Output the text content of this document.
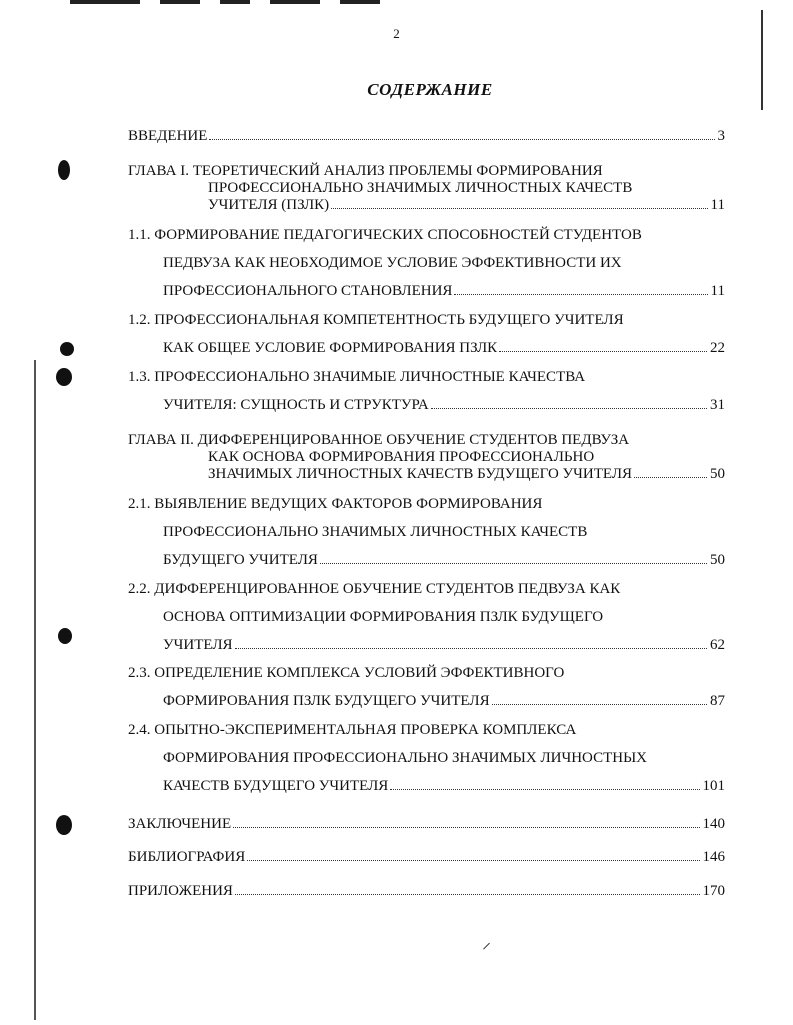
⸝
2
СОДЕРЖАНИЕ
ВВЕДЕНИЕ	3
ГЛАВА I. ТЕОРЕТИЧЕСКИЙ АНАЛИЗ ПРОБЛЕМЫ ФОРМИРОВАНИЯ
ПРОФЕССИОНАЛЬНО ЗНАЧИМЫХ ЛИЧНОСТНЫХ КАЧЕСТВ
УЧИТЕЛЯ (ПЗЛК)	11
1.1. ФОРМИРОВАНИЕ ПЕДАГОГИЧЕСКИХ СПОСОБНОСТЕЙ СТУДЕНТОВ
ПЕДВУЗА КАК НЕОБХОДИМОЕ УСЛОВИЕ ЭФФЕКТИВНОСТИ ИХ
ПРОФЕССИОНАЛЬНОГО СТАНОВЛЕНИЯ	11
1.2. ПРОФЕССИОНАЛЬНАЯ КОМПЕТЕНТНОСТЬ БУДУЩЕГО УЧИТЕЛЯ
КАК ОБЩЕЕ УСЛОВИЕ ФОРМИРОВАНИЯ ПЗЛК	22
1.3. ПРОФЕССИОНАЛЬНО ЗНАЧИМЫЕ ЛИЧНОСТНЫЕ КАЧЕСТВА
УЧИТЕЛЯ: СУЩНОСТЬ И СТРУКТУРА	31
ГЛАВА II. ДИФФЕРЕНЦИРОВАННОЕ ОБУЧЕНИЕ СТУДЕНТОВ ПЕДВУЗА
КАК ОСНОВА ФОРМИРОВАНИЯ ПРОФЕССИОНАЛЬНО
ЗНАЧИМЫХ ЛИЧНОСТНЫХ КАЧЕСТВ БУДУЩЕГО УЧИТЕЛЯ	50
2.1. ВЫЯВЛЕНИЕ ВЕДУЩИХ ФАКТОРОВ ФОРМИРОВАНИЯ
ПРОФЕССИОНАЛЬНО ЗНАЧИМЫХ ЛИЧНОСТНЫХ КАЧЕСТВ
БУДУЩЕГО УЧИТЕЛЯ	50
2.2. ДИФФЕРЕНЦИРОВАННОЕ ОБУЧЕНИЕ СТУДЕНТОВ ПЕДВУЗА КАК
ОСНОВА ОПТИМИЗАЦИИ ФОРМИРОВАНИЯ ПЗЛК БУДУЩЕГО
УЧИТЕЛЯ	62
2.3. ОПРЕДЕЛЕНИЕ КОМПЛЕКСА УСЛОВИЙ ЭФФЕКТИВНОГО
ФОРМИРОВАНИЯ ПЗЛК БУДУЩЕГО УЧИТЕЛЯ	87
2.4. ОПЫТНО-ЭКСПЕРИМЕНТАЛЬНАЯ ПРОВЕРКА КОМПЛЕКСА
ФОРМИРОВАНИЯ ПРОФЕССИОНАЛЬНО ЗНАЧИМЫХ ЛИЧНОСТНЫХ
КАЧЕСТВ БУДУЩЕГО УЧИТЕЛЯ	101
ЗАКЛЮЧЕНИЕ	140
БИБЛИОГРАФИЯ	146
ПРИЛОЖЕНИЯ	170
